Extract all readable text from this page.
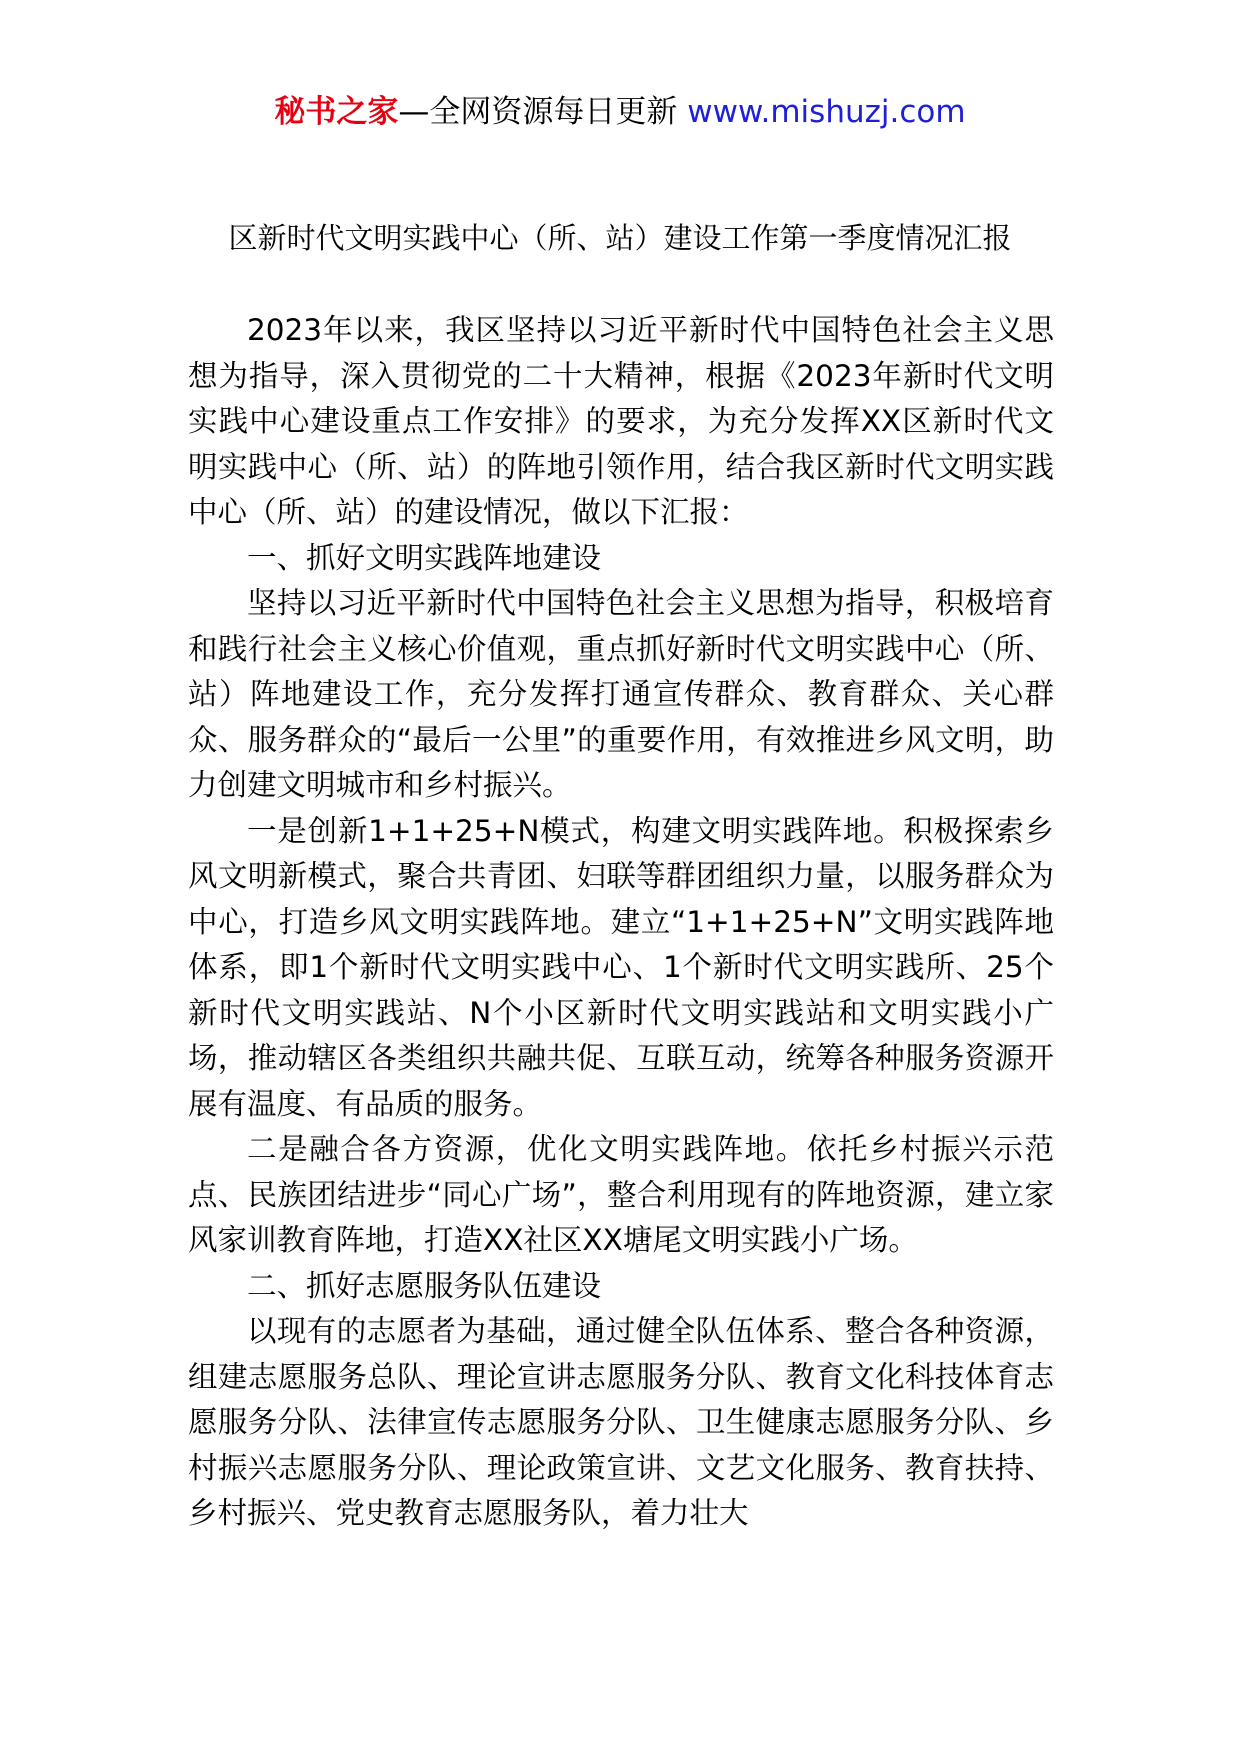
秘书之家—全网资源每日更新 www.mishuzj.com
区新时代文明实践中心（所、站）建设工作第一季度情况汇报

2023年以来，我区坚持以习近平新时代中国特色社会主义思想为指导，深入贯彻党的二十大精神，根据《2023年新时代文明实践中心建设重点工作安排》的要求，为充分发挥XX区新时代文明实践中心（所、站）的阵地引领作用，结合我区新时代文明实践中心（所、站）的建设情况，做以下汇报：

一、抓好文明实践阵地建设

坚持以习近平新时代中国特色社会主义思想为指导，积极培育和践行社会主义核心价值观，重点抓好新时代文明实践中心（所、站）阵地建设工作，充分发挥打通宣传群众、教育群众、关心群众、服务群众的“最后一公里”的重要作用，有效推进乡风文明，助力创建文明城市和乡村振兴。

一是创新1+1+25+N模式，构建文明实践阵地。积极探索乡风文明新模式，聚合共青团、妇联等群团组织力量，以服务群众为中心，打造乡风文明实践阵地。建立“1+1+25+N”文明实践阵地体系，即1个新时代文明实践中心、1个新时代文明实践所、25个新时代文明实践站、N个小区新时代文明实践站和文明实践小广场，推动辖区各类组织共融共促、互联互动，统筹各种服务资源开展有温度、有品质的服务。

二是融合各方资源，优化文明实践阵地。依托乡村振兴示范点、民族团结进步“同心广场”，整合利用现有的阵地资源，建立家风家训教育阵地，打造XX社区XX塘尾文明实践小广场。

二、抓好志愿服务队伍建设

以现有的志愿者为基础，通过健全队伍体系、整合各种资源，组建志愿服务总队、理论宣讲志愿服务分队、教育文化科技体育志愿服务分队、法律宣传志愿服务分队、卫生健康志愿服务分队、乡村振兴志愿服务分队、理论政策宣讲、文艺文化服务、教育扶持、乡村振兴、党史教育志愿服务队，着力壮大
